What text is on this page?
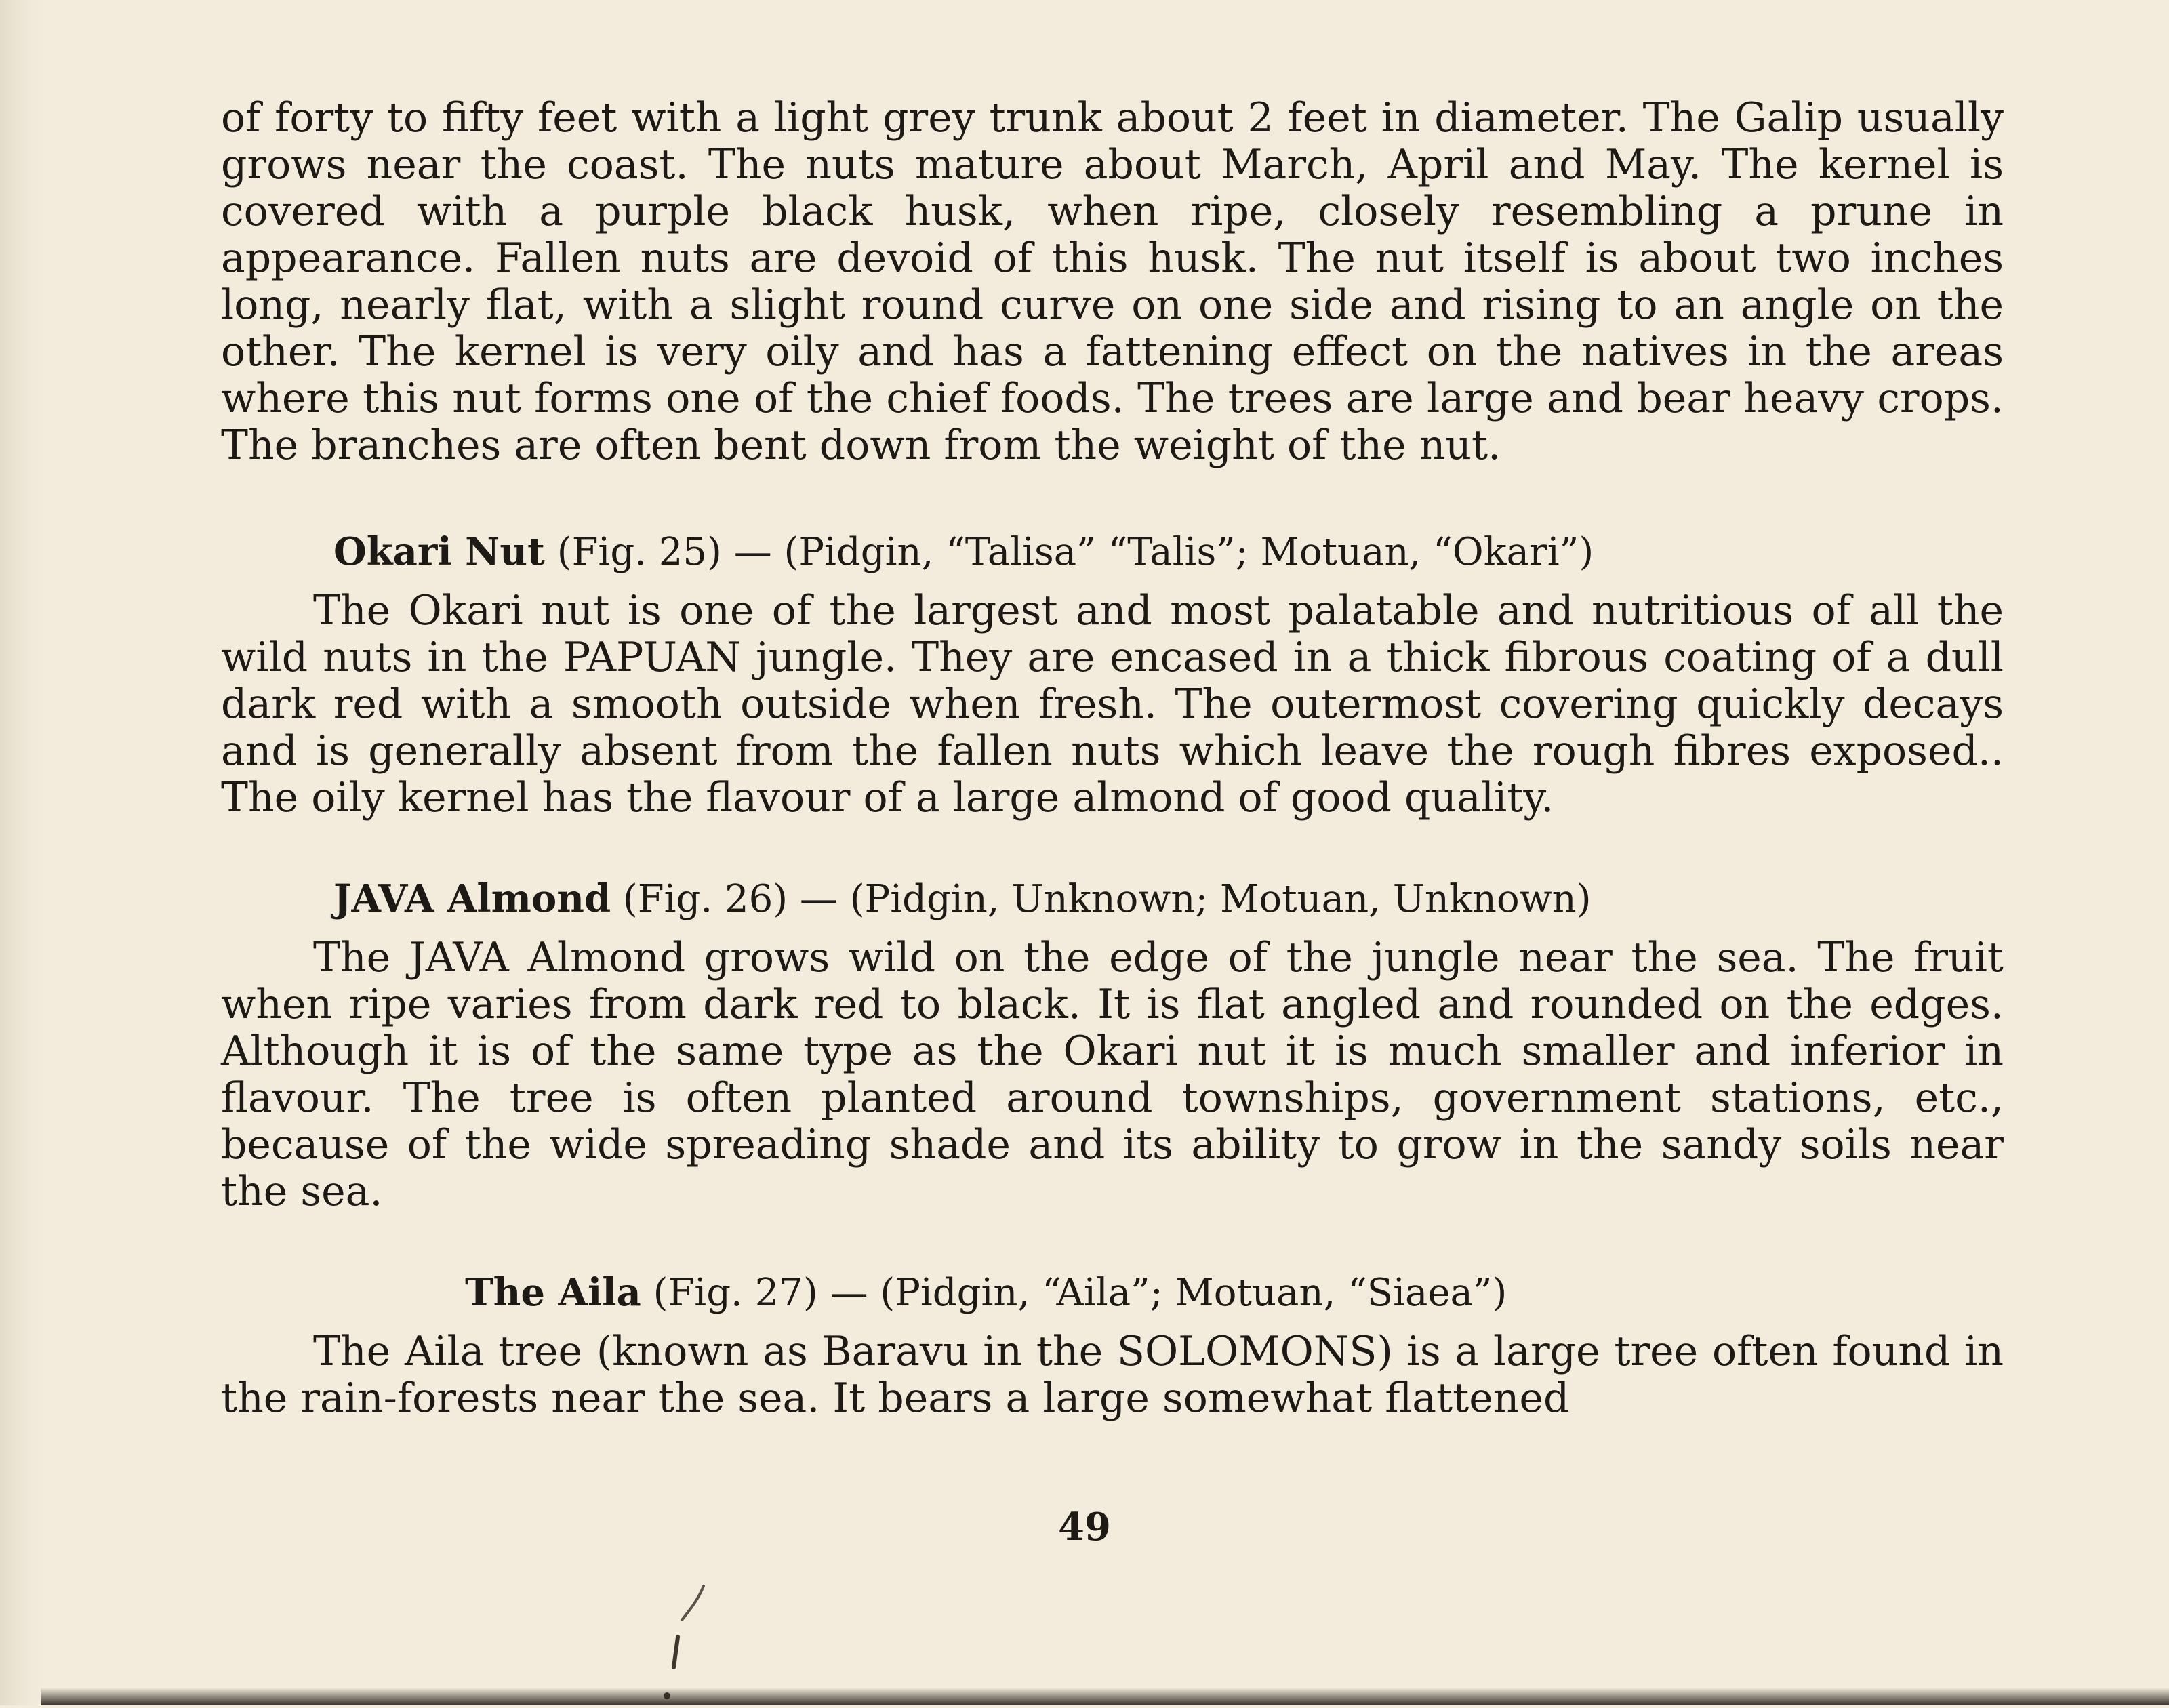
of forty to fifty feet with a light grey trunk about 2 feet in diameter. The Galip usually grows near the coast. The nuts mature about March, April and May. The kernel is covered with a purple black husk, when ripe, closely resembling a prune in appearance. Fallen nuts are devoid of this husk. The nut itself is about two inches long, nearly flat, with a slight round curve on one side and rising to an angle on the other. The kernel is very oily and has a fattening effect on the natives in the areas where this nut forms one of the chief foods. The trees are large and bear heavy crops. The branches are often bent down from the weight of the nut.

Okari Nut (Fig. 25) — (Pidgin, “Talisa” “Talis”; Motuan, “Okari”)

The Okari nut is one of the largest and most palatable and nutritious of all the wild nuts in the PAPUAN jungle. They are encased in a thick fibrous coating of a dull dark red with a smooth outside when fresh. The outermost covering quickly decays and is generally absent from the fallen nuts which leave the rough fibres exposed.. The oily kernel has the flavour of a large almond of good quality.

JAVA Almond (Fig. 26) — (Pidgin, Unknown; Motuan, Unknown)

The JAVA Almond grows wild on the edge of the jungle near the sea. The fruit when ripe varies from dark red to black. It is flat angled and rounded on the edges. Although it is of the same type as the Okari nut it is much smaller and inferior in flavour. The tree is often planted around townships, government stations, etc., because of the wide spreading shade and its ability to grow in the sandy soils near the sea.

The Aila (Fig. 27) — (Pidgin, “Aila”; Motuan, “Siaea”)

The Aila tree (known as Baravu in the SOLOMONS) is a large tree often found in the rain-forests near the sea. It bears a large somewhat flattened

49
